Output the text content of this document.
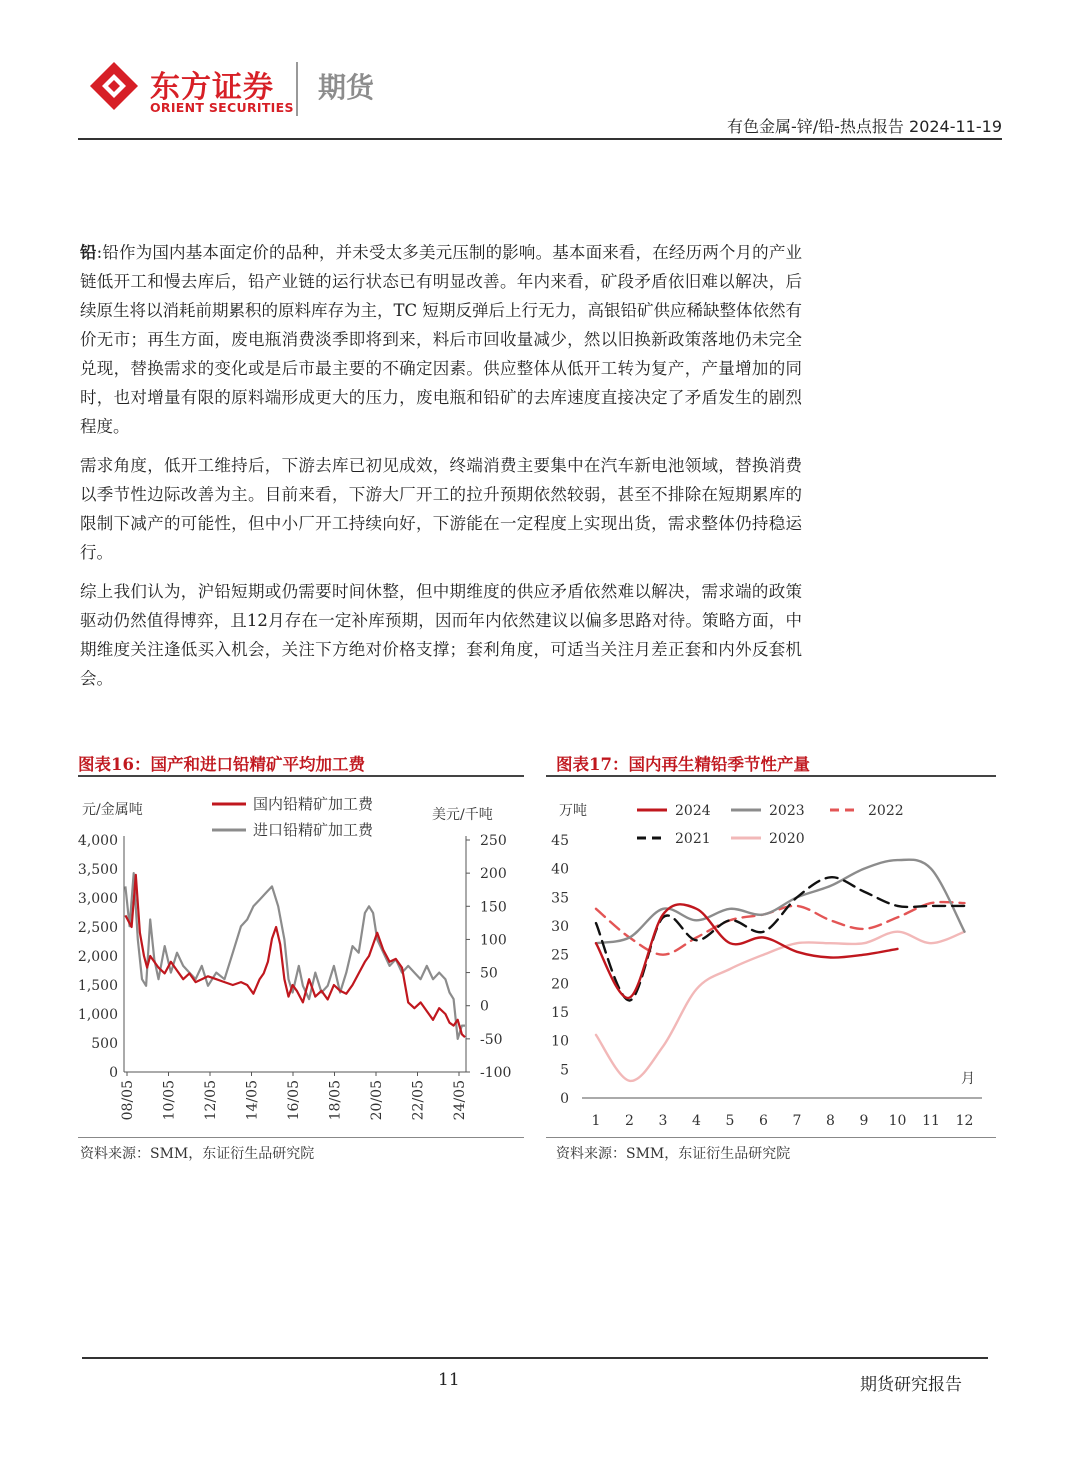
东方证券
ORIENT SECURITIES
期货
有色金属-锌/铅-热点报告 2024-11-19

铅:铅作为国内基本面定价的品种，并未受太多美元压制的影响。基本面来看，在经历两个月的产业链低开工和慢去库后，铅产业链的运行状态已有明显改善。年内来看，矿段矛盾依旧难以解决，后续原生将以消耗前期累积的原料库存为主，TC 短期反弹后上行无力，高银铅矿供应稀缺整体依然有价无市；再生方面，废电瓶消费淡季即将到来，料后市回收量减少，然以旧换新政策落地仍未完全兑现，替换需求的变化或是后市最主要的不确定因素。供应整体从低开工转为复产，产量增加的同时，也对增量有限的原料端形成更大的压力，废电瓶和铅矿的去库速度直接决定了矛盾发生的剧烈程度。

需求角度，低开工维持后，下游去库已初见成效，终端消费主要集中在汽车新电池领域，替换消费以季节性边际改善为主。目前来看，下游大厂开工的拉升预期依然较弱，甚至不排除在短期累库的限制下减产的可能性，但中小厂开工持续向好，下游能在一定程度上实现出货，需求整体仍持稳运行。

综上我们认为，沪铅短期或仍需要时间休整，但中期维度的供应矛盾依然难以解决，需求端的政策驱动仍然值得博弈，且12月存在一定补库预期，因而年内依然建议以偏多思路对待。策略方面，中期维度关注逢低买入机会，关注下方绝对价格支撑；套利角度，可适当关注月差正套和内外反套机会。

图表16：国产和进口铅精矿平均加工费
元/金属吨	美元/千吨
4,000
3,500
3,000
2,500
2,000
1,500
1,000
500
0
250
200
150
100
50
0
-50
-100
08/05 10/05 12/05 14/05 16/05 18/05 20/05 22/05 24/05
国内铅精矿加工费
进口铅精矿加工费
资料来源：SMM，东证衍生品研究院
图表17：国内再生精铅季节性产量
万吨
45
40
35
30
25
20
15
10
5
0
1 2 3 4 5 6 7 8 9 10 11 12
月
2024	2023	2022
2021	2020
资料来源：SMM，东证衍生品研究院
11	期货研究报告
